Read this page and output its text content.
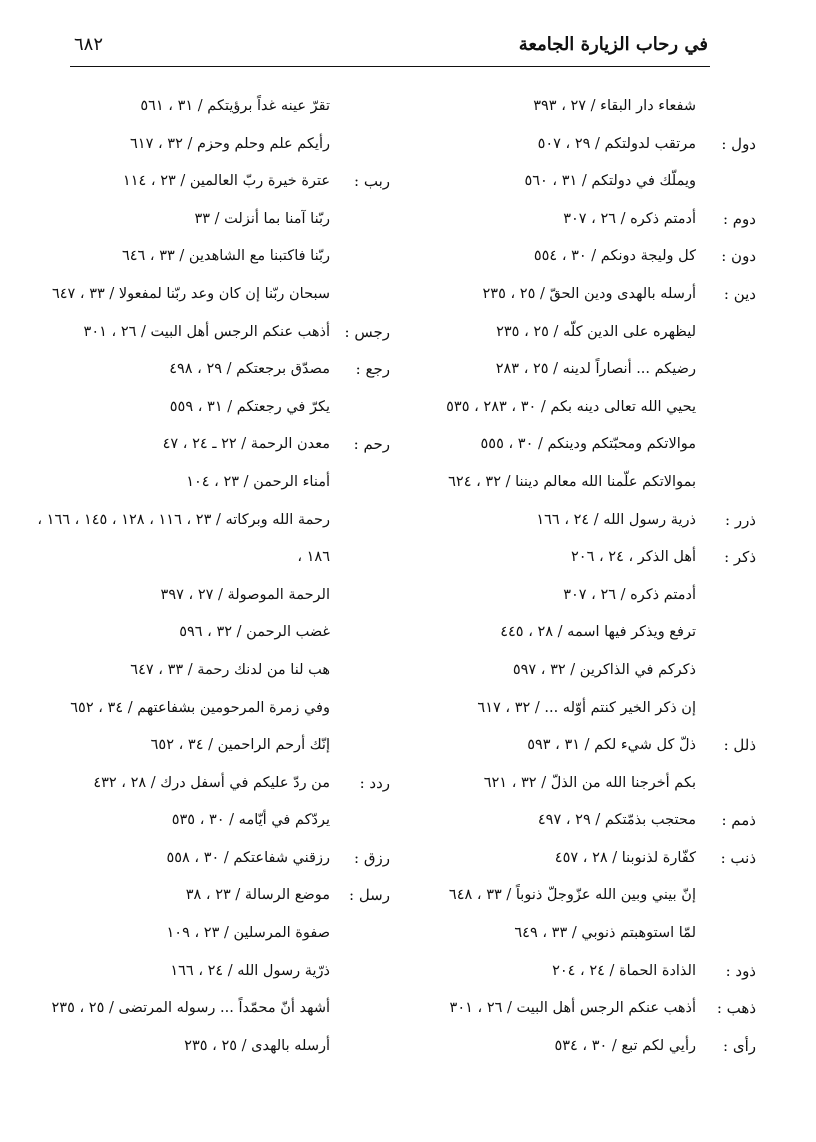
في رحاب الزيارة الجامعة
٦٨٢
شفعاء دار البقاء / ٢٧ ، ٣٩٣
دول :
مرتقب لدولتكم / ٢٩ ، ٥٠٧
ويملّك في دولتكم / ٣١ ، ٥٦٠
دوم :
أدمتم ذكره / ٢٦ ، ٣٠٧
دون :
كل وليجة دونكم / ٣٠ ، ٥٥٤
دين :
أرسله بالهدى ودين الحقّ / ٢٥ ، ٢٣٥
ليظهره على الدين كلّه / ٢٥ ، ٢٣٥
رضيكم ... أنصاراً لدينه / ٢٥ ، ٢٨٣
يحيي الله تعالى دينه بكم / ٣٠ ، ٢٨٣ ، ٥٣٥
موالاتكم ومحبّتكم ودينكم / ٣٠ ، ٥٥٥
بموالاتكم علّمنا الله معالم ديننا / ٣٢ ، ٦٢٤
ذرر :
ذرية رسول الله / ٢٤ ، ١٦٦
ذكر :
أهل الذكر ، ٢٤ ، ٢٠٦
أدمتم ذكره / ٢٦ ، ٣٠٧
ترفع ويذكر فيها اسمه / ٢٨ ، ٤٤٥
ذكركم في الذاكرين / ٣٢ ، ٥٩٧
إن ذكر الخير كنتم أوّله ... / ٣٢ ، ٦١٧
ذلل :
ذلّ كل شيء لكم / ٣١ ، ٥٩٣
بكم أخرجنا الله من الذلّ / ٣٢ ، ٦٢١
ذمم :
محتجب بذمّتكم / ٢٩ ، ٤٩٧
ذنب :
كفّارة لذنوبنا / ٢٨ ، ٤٥٧
إنّ بيني وبين الله عزّوجلّ ذنوباً / ٣٣ ، ٦٤٨
لمّا استوهبتم ذنوبي / ٣٣ ، ٦٤٩
ذود :
الذادة الحماة / ٢٤ ، ٢٠٤
ذهب :
أذهب عنكم الرجس أهل البيت / ٢٦ ، ٣٠١
رأى :
رأيي لكم تبع / ٣٠ ، ٥٣٤
تقرّ عينه غداً برؤيتكم / ٣١ ، ٥٦١
رأيكم علم وحلم وحزم / ٣٢ ، ٦١٧
ربب :
عترة خيرة ربّ العالمين / ٢٣ ، ١١٤
ربّنا آمنا بما أنزلت / ٣٣
ربّنا فاكتبنا مع الشاهدين / ٣٣ ، ٦٤٦
سبحان ربّنا إن كان وعد ربّنا لمفعولا / ٣٣ ، ٦٤٧
رجس :
أذهب عنكم الرجس أهل البيت / ٢٦ ، ٣٠١
رجع :
مصدّق برجعتكم / ٢٩ ، ٤٩٨
يكرّ في رجعتكم / ٣١ ، ٥٥٩
رحم :
معدن الرحمة / ٢٢ ـ ٢٤ ، ٤٧
أمناء الرحمن / ٢٣ ، ١٠٤
رحمة الله وبركاته / ٢٣ ، ١١٦ ، ١٢٨ ، ١٤٥ ، ١٦٦ ،
١٨٦ ،
الرحمة الموصولة / ٢٧ ، ٣٩٧
غضب الرحمن / ٣٢ ، ٥٩٦
هب لنا من لدنك رحمة / ٣٣ ، ٦٤٧
وفي زمرة المرحومين بشفاعتهم / ٣٤ ، ٦٥٢
إنّك أرحم الراحمين / ٣٤ ، ٦٥٢
ردد :
من ردّ عليكم في أسفل درك / ٢٨ ، ٤٣٢
يردّكم في أيّامه / ٣٠ ، ٥٣٥
رزق :
رزقني شفاعتكم / ٣٠ ، ٥٥٨
رسل :
موضع الرسالة / ٢٣ ، ٣٨
صفوة المرسلين / ٢٣ ، ١٠٩
ذرّية رسول الله / ٢٤ ، ١٦٦
أشهد أنّ محمّداً ... رسوله المرتضى / ٢٥ ، ٢٣٥
أرسله بالهدى / ٢٥ ، ٢٣٥
